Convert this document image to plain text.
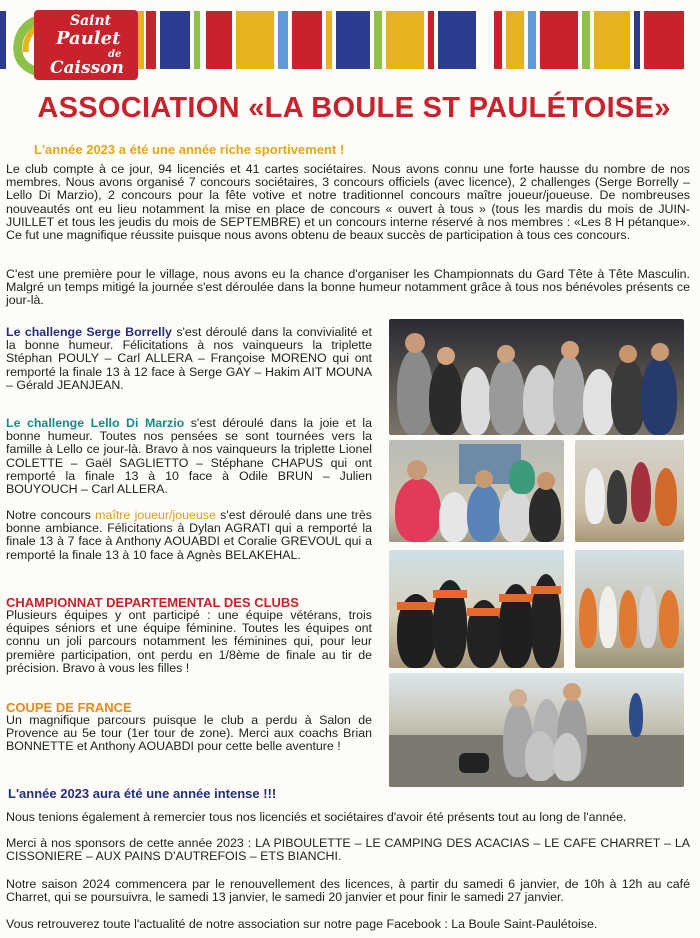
Saint
Paulet
de
Caisson
ASSOCIATION «LA BOULE ST PAULÉTOISE»
L'année 2023 a été une année riche sportivement !

Le club compte à ce jour, 94 licenciés et 41 cartes sociétaires. Nous avons connu une forte hausse du nombre de nos membres. Nous avons organisé 7 concours sociétaires, 3 concours officiels (avec licence), 2 challenges (Serge Borrelly – Lello Di Marzio), 2 concours pour la fête votive et notre traditionnel concours maître joueur/joueuse. De nombreuses nouveautés ont eu lieu notamment la mise en place de concours « ouvert à tous » (tous les mardis du mois de JUIN-JUILLET et tous les jeudis du mois de SEPTEMBRE) et un concours interne réservé à nos membres : «Les 8 H pétanque». Ce fut une magnifique réussite puisque nous avons obtenu de beaux succès de participation à tous ces concours.

C'est une première pour le village, nous avons eu la chance d'organiser les Championnats du Gard Tête à Tête Masculin. Malgré un temps mitigé la journée s'est déroulée dans la bonne humeur notamment grâce à tous nos bénévoles présents ce jour-là.

Le challenge Serge Borrelly s'est déroulé dans la convivialité et la bonne humeur. Félicitations à nos vainqueurs la triplette Stéphan POULY – Carl ALLERA – Françoise MORENO qui ont remporté la finale 13 à 12 face à Serge GAY – Hakim AIT MOUNA – Gérald JEANJEAN.

Le challenge Lello Di Marzio s'est déroulé dans la joie et la bonne humeur. Toutes nos pensées se sont tournées vers la famille à Lello ce jour-là. Bravo à nos vainqueurs la triplette Lionel COLETTE – Gaël SAGLIETTO – Stéphane CHAPUS qui ont remporté la finale 13 à 10 face à Odile BRUN – Julien BOUYOUCH – Carl ALLERA.

Notre concours maître joueur/joueuse s'est déroulé dans une très bonne ambiance. Félicitations à Dylan AGRATI qui a remporté la finale 13 à 7 face à Anthony AOUABDI et Coralie GREVOUL qui a remporté la finale 13 à 10 face à Agnès BELAKEHAL.

CHAMPIONNAT DEPARTEMENTAL DES CLUBS

Plusieurs équipes y ont participé : une équipe vétérans, trois équipes séniors et une équipe féminine. Toutes les équipes ont connu un joli parcours notamment les féminines qui, pour leur première participation, ont perdu en 1/8ème de finale au tir de précision. Bravo à vous les filles !

COUPE DE FRANCE

Un magnifique parcours puisque le club a perdu à Salon de Provence au 5e tour (1er tour de zone). Merci aux coachs Brian BONNETTE et Anthony AOUABDI pour cette belle aventure !

L'année 2023 aura été une année intense !!!

Nous tenions également à remercier tous nos licenciés et sociétaires d'avoir été présents tout au long de l'année.

Merci à nos sponsors de cette année 2023 : LA PIBOULETTE – LE CAMPING DES ACACIAS – LE CAFE CHARRET – LA CISSONIERE – AUX PAINS D'AUTREFOIS – ETS BIANCHI.

Notre saison 2024 commencera par le renouvellement des licences, à partir du samedi 6 janvier, de 10h à 12h au café Charret, qui se poursuivra, le samedi 13 janvier, le samedi 20 janvier et pour finir le samedi 27 janvier.

Vous retrouverez toute l'actualité de notre association sur notre page Facebook : La Boule Saint-Paulétoise.
